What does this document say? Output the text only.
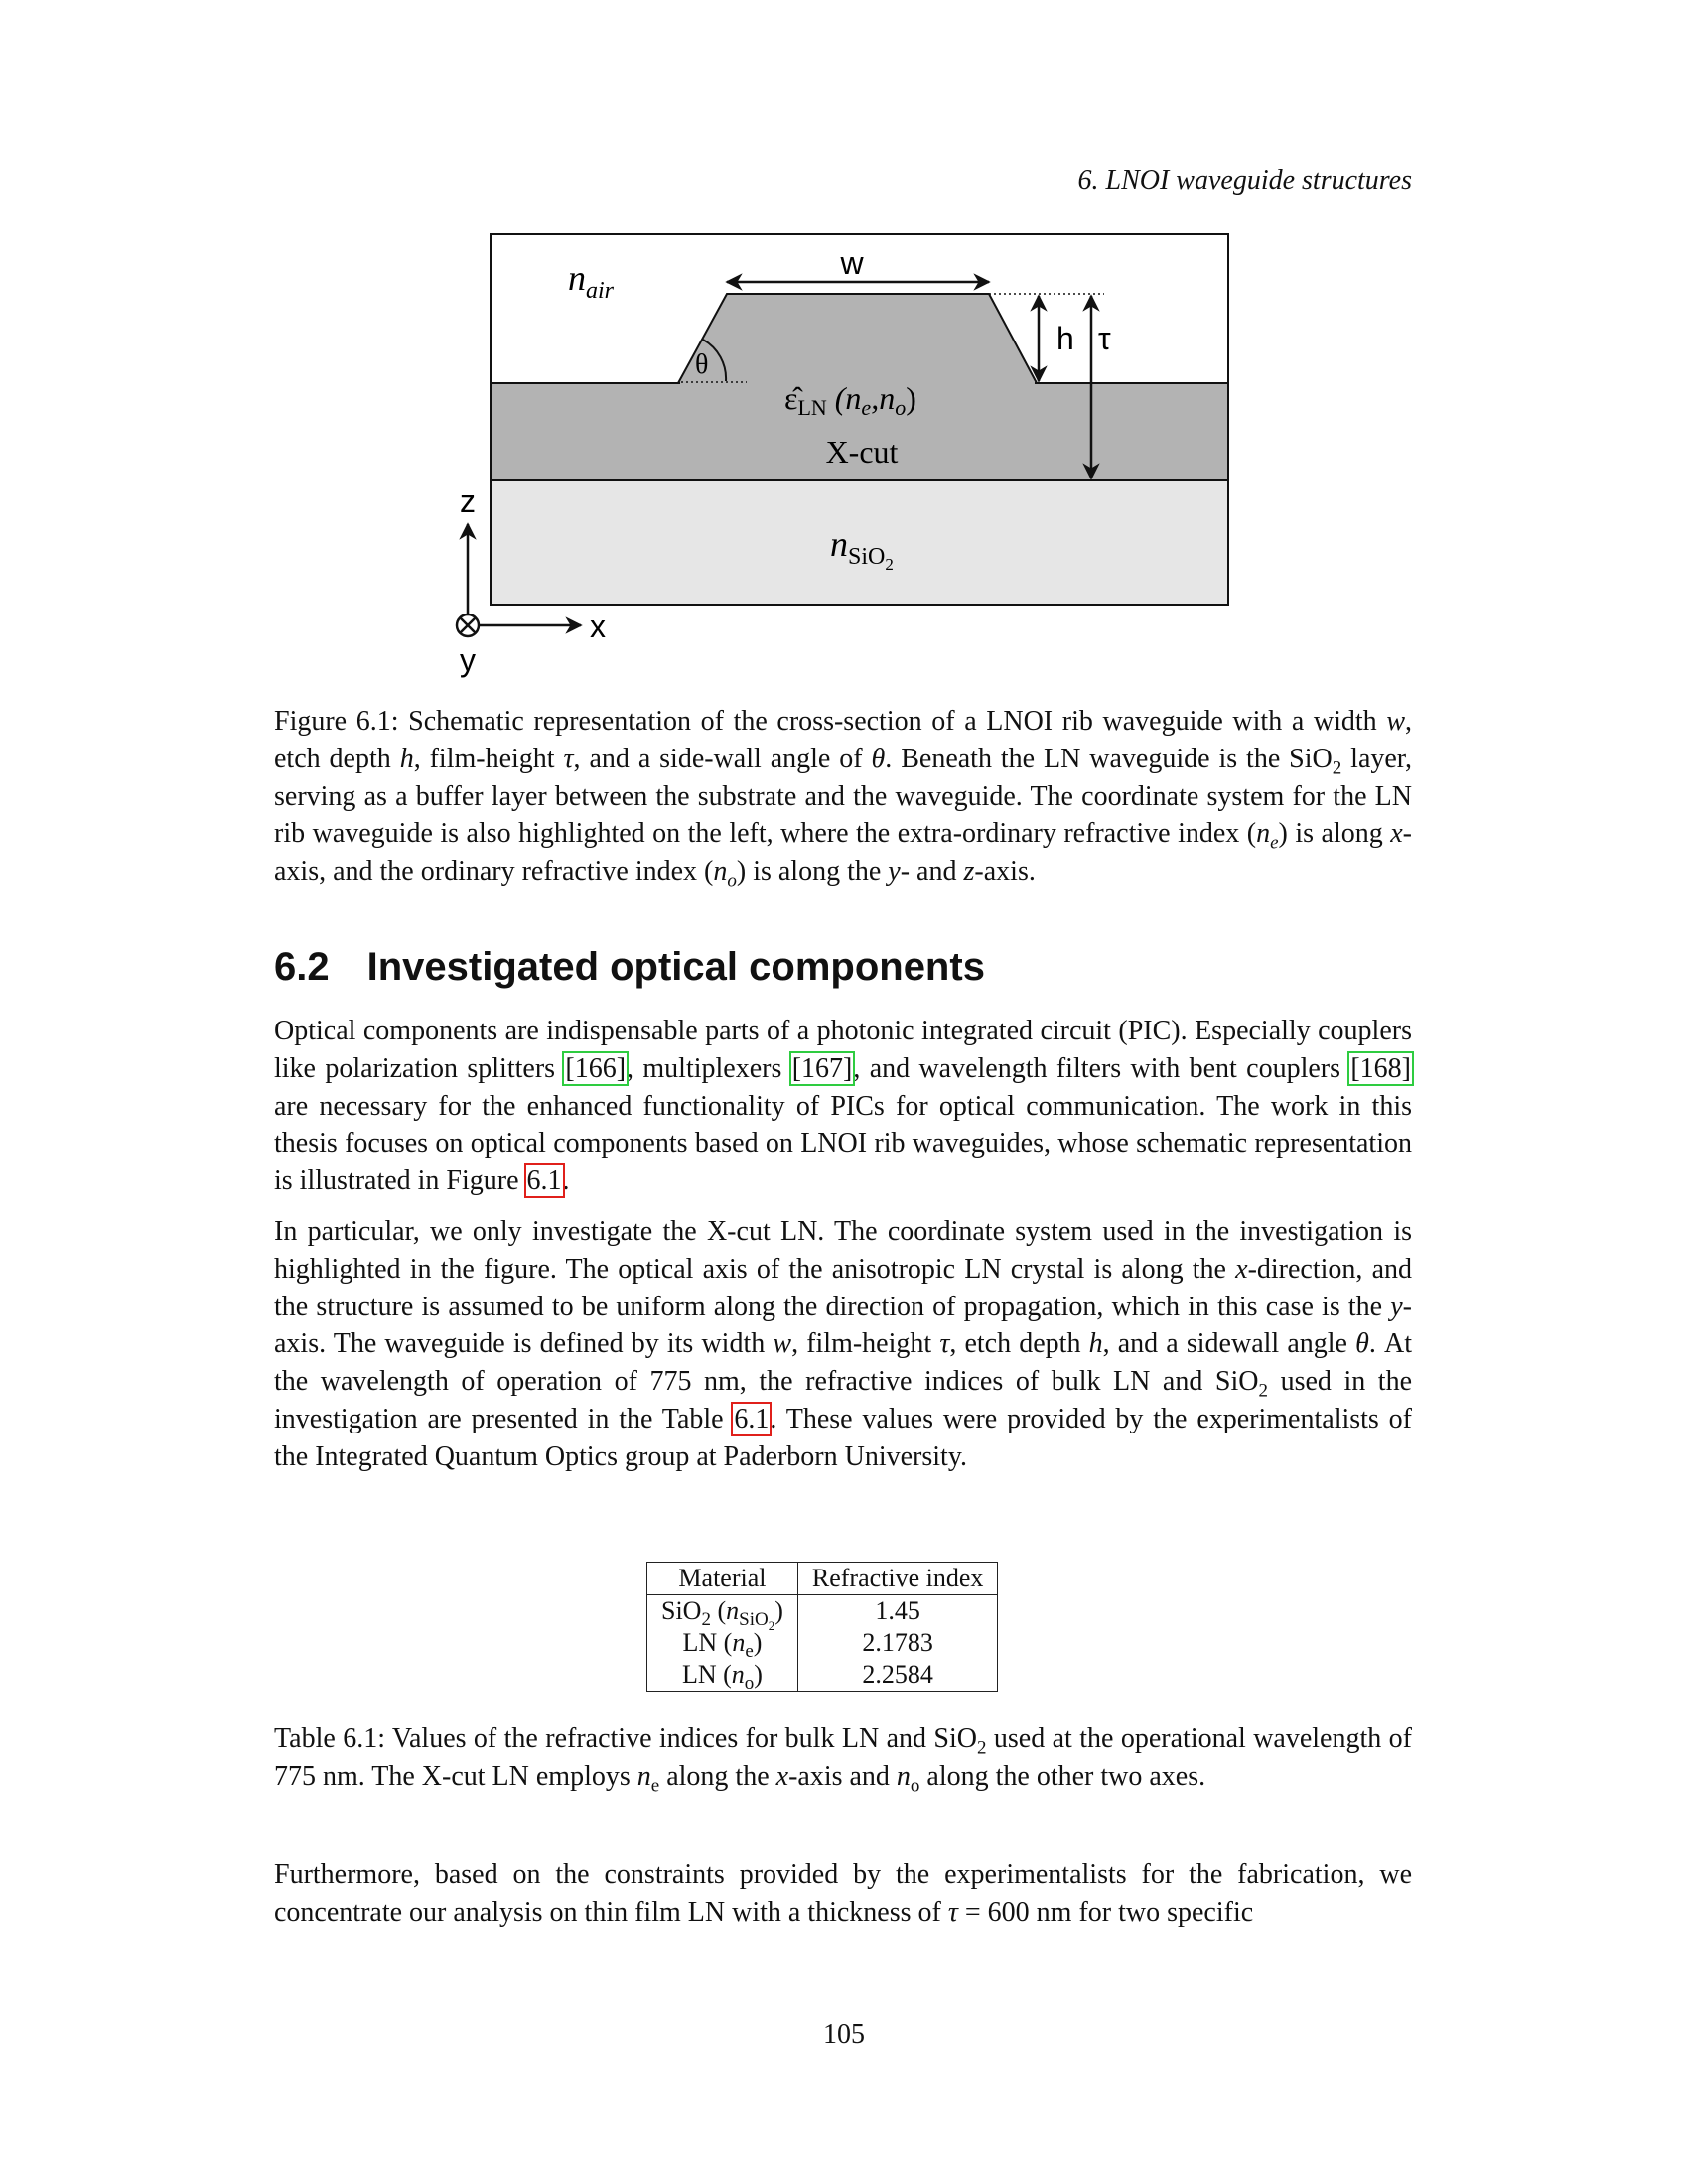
6. LNOI waveguide structures
$n_{air}$
w
h τ
θ
ε̂LN (ne,no)
X-cut
$n_{SiO}2$
z
x
y
Figure 6.1: Schematic representation of the cross-section of a LNOI rib waveguide with a width w, etch depth h, film-height τ, and a side-wall angle of θ. Beneath the LN waveguide is the SiO$_2$ layer, serving as a buffer layer between the substrate and the waveguide. The coordinate system for the LN rib waveguide is also highlighted on the left, where the extra-ordinary refractive index $(n_e)$ is along x-axis, and the ordinary refractive index $(n_o)$ is along the y- and z-axis.
6.2 Investigated optical components
Optical components are indispensable parts of a photonic integrated circuit (PIC). Especially couplers like polarization splitters [166], multiplexers [167], and wavelength filters with bent couplers [168] are necessary for the enhanced functionality of PICs for optical communication. The work in this thesis focuses on optical components based on LNOI rib waveguides, whose schematic representation is illustrated in Figure 6.1.
In particular, we only investigate the X-cut LN. The coordinate system used in the investigation is highlighted in the figure. The optical axis of the anisotropic LN crystal is along the x-direction, and the structure is assumed to be uniform along the direction of propagation, which in this case is the y-axis. The waveguide is defined by its width w, film-height τ, etch depth h, and a sidewall angle θ. At the wavelength of operation of 775 nm, the refractive indices of bulk LN and SiO$_2$ used in the investigation are presented in the Table 6.1. These values were provided by the experimentalists of the Integrated Quantum Optics group at Paderborn University.
Material	Refractive index
SiO$_2$ $(n_{SiO_2})$	1.45
LN $(n_e)$	2.1783
LN $(n_o)$	2.2584
Table 6.1: Values of the refractive indices for bulk LN and SiO$_2$ used at the operational wavelength of 775 nm. The X-cut LN employs $n_e$ along the x-axis and $n_o$ along the other two axes.
Furthermore, based on the constraints provided by the experimentalists for the fabrication, we concentrate our analysis on thin film LN with a thickness of τ = 600 nm for two specific
105
